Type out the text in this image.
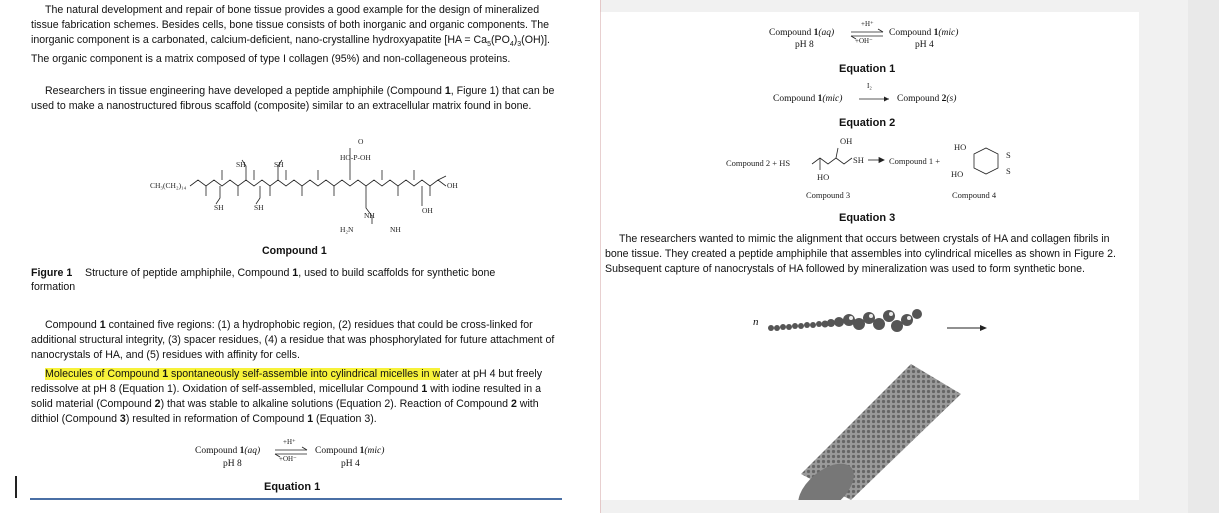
The natural development and repair of bone tissue provides a good example for the design of mineralized tissue fabrication schemes. Besides cells, bone tissue consists of both inorganic and organic components. The inorganic component is a carbonated, calcium-deficient, nano-crystalline hydroxyapatite $[HA = Ca_5(PO_4)_3(OH)]$. The organic component is a matrix composed of type I collagen (95%) and non-collageneous proteins.

Researchers in tissue engineering have developed a peptide amphiphile (Compound 1, Figure 1) that can be used to make a nanostructured fibrous scaffold (composite) similar to an extracellular matrix found in bone.

CH₃(CH₂)₁₄
SH	SH
SH	SH
HO-P-OH
O
OH
NH
H₂N	NH
OH
Compound 1
Figure 1 Structure of peptide amphiphile, Compound 1, used to build scaffolds for synthetic bone formation

Compound 1 contained five regions: (1) a hydrophobic region, (2) residues that could be cross-linked for additional structural integrity, (3) spacer residues, (4) a residue that was phosphorylated for future attachment of nanocrystals of HA, and (5) residues with affinity for cells.

Molecules of Compound 1 spontaneously self-assemble into cylindrical micelles in water at pH 4 but freely redissolve at pH 8 (Equation 1). Oxidation of self-assembled, micellular Compound 1 with iodine resulted in a solid material (Compound 2) that was stable to alkaline solutions (Equation 2). Reaction of Compound 2 with dithiol (Compound 3) resulted in reformation of Compound 1 (Equation 3).

Compound 1(aq)
pH 8
+H⁺
+OH⁻
Compound 1(mic)
pH 4
Equation 1
Compound 1(aq)
pH 8
+H⁺
+OH⁻
Compound 1(mic)
pH 4
Equation 1
Compound 1(mic)
I₂
Compound 2(s)
Equation 2
Compound 2 + HS
OH
SH
HO
Compound 1 +
Compound 3
HO
HO
S
S
Compound 4
Equation 3

The researchers wanted to mimic the alignment that occurs between crystals of HA and collagen fibrils in bone tissue. They created a peptide amphiphile that assembles into cylindrical micelles as shown in Figure 2. Subsequent capture of nanocrystals of HA followed by mineralization was used to form synthetic bone.

n
